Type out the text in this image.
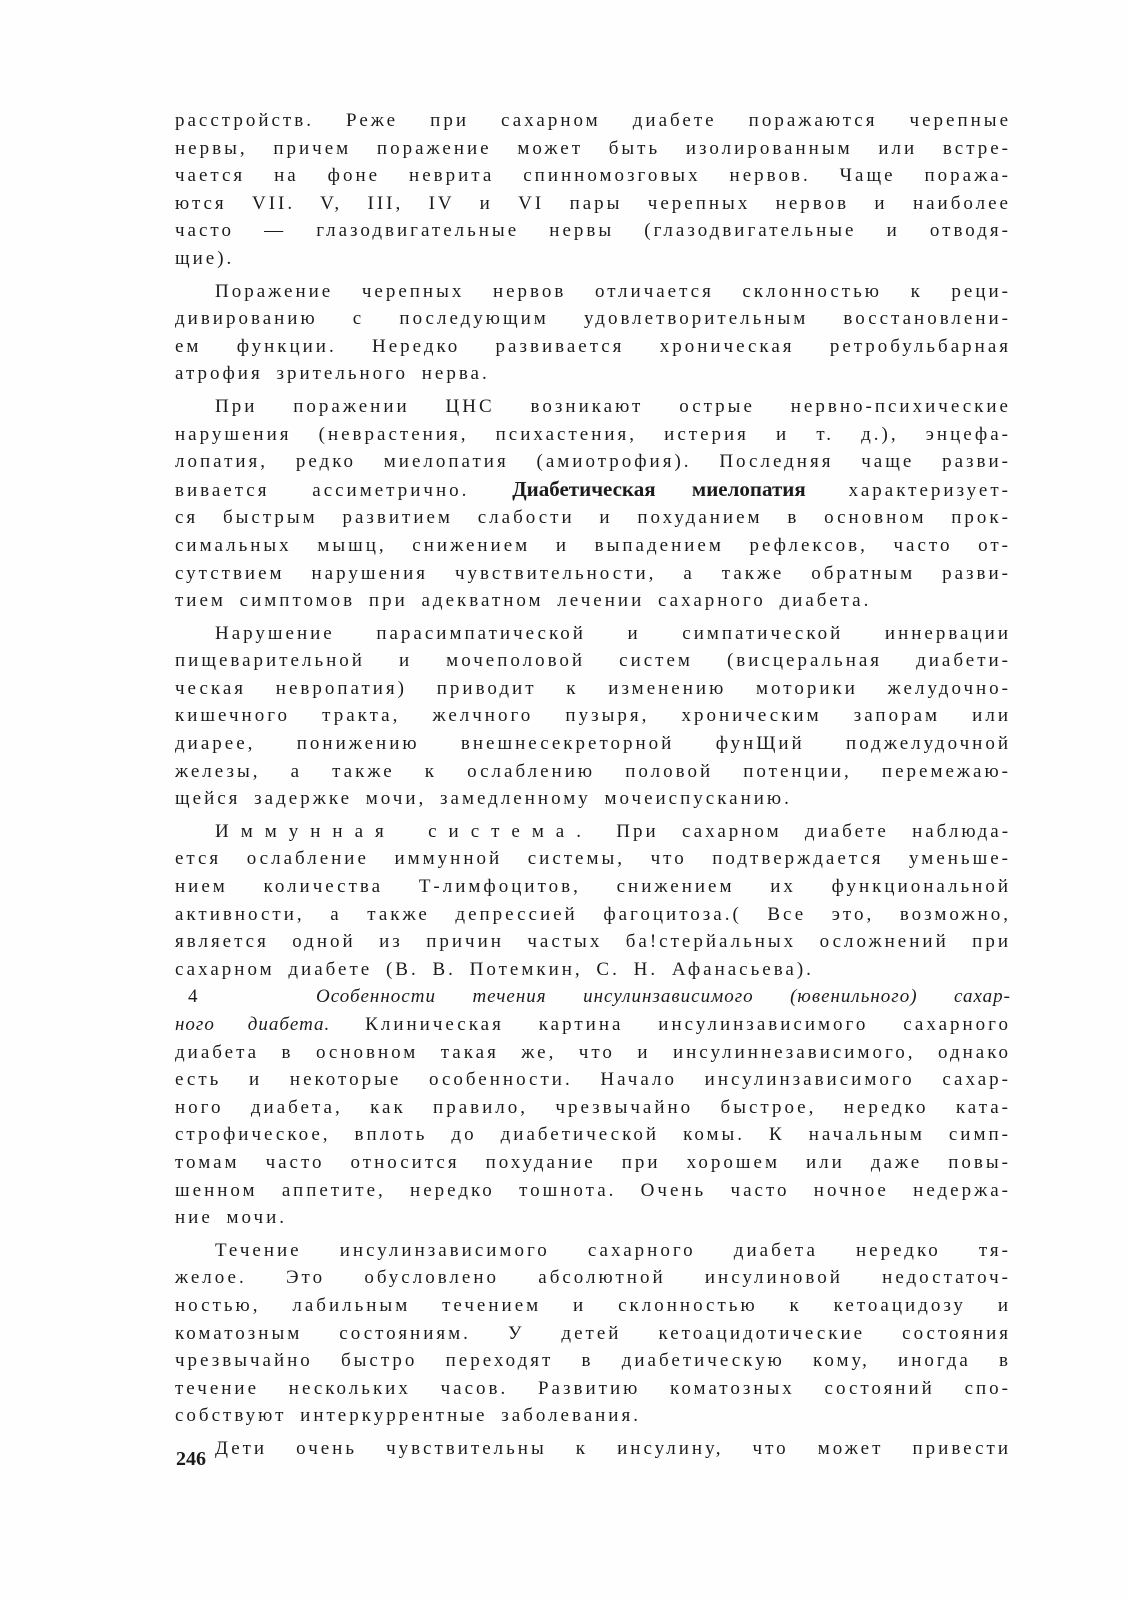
расстройств. Реже при сахарном диабете поражаются черепные
нервы, причем поражение может быть изолированным или встре-
чается на фоне неврита спинномозговых нервов. Чаще поража-
ются VII. V, III, IV и VI пары черепных нервов и наиболее
часто — глазодвигательные нервы (глазодвигательные и отводя-
щие).

Поражение черепных нервов отличается склонностью к реци-
дивированию с последующим удовлетворительным восстановлени-
ем функции. Нередко развивается хроническая ретробульбарная
атрофия зрительного нерва.

При поражении ЦНС возникают острые нервно-психические
нарушения (неврастения, психастения, истерия и т. д.), энцефа-
лопатия, редко миелопатия (амиотрофия). Последняя чаще разви-
вивается ассиметрично. Диабетическая миелопатия характеризует-
ся быстрым развитием слабости и похуданием в основном прок-
симальных мышц, снижением и выпадением рефлексов, часто от-
сутствием нарушения чувствительности, а также обратным разви-
тием симптомов при адекватном лечении сахарного диабета.

Нарушение парасимпатической и симпатической иннервации
пищеварительной и мочеполовой систем (висцеральная диабети-
ческая невропатия) приводит к изменению моторики желудочно-
кишечного тракта, желчного пузыря, хроническим запорам или
диарее, понижению внешнесекреторной фунЩий поджелудочной
железы, а также к ослаблению половой потенции, перемежаю-
щейся задержке мочи, замедленному мочеиспусканию.

Иммунная система. При сахарном диабете наблюда-
ется ослабление иммунной системы, что подтверждается уменьше-
нием количества Т-лимфоцитов, снижением их функциональной
активности, а также депрессией фагоцитоза.( Все это, возможно,
является одной из причин частых ба!стерйальных осложнений при
сахарном диабете (В. В. Потемкин, С. Н. Афанасьева).

4	Особенности течения инсулинзависимого (ювенильного) сахар-
ного диабета. Клиническая картина инсулинзависимого сахарного
диабета в основном такая же, что и инсулиннезависимого, однако
есть и некоторые особенности. Начало инсулинзависимого сахар-
ного диабета, как правило, чрезвычайно быстрое, нередко ката-
строфическое, вплоть до диабетической комы. К начальным симп-
томам часто относится похудание при хорошем или даже повы-
шенном аппетите, нередко тошнота. Очень часто ночное недержа-
ние мочи.

Течение инсулинзависимого сахарного диабета нередко тя-
желое. Это обусловлено абсолютной инсулиновой недостаточ-
ностью, лабильным течением и склонностью к кетоацидозу и
коматозным состояниям. У детей кетоацидотические состояния
чрезвычайно быстро переходят в диабетическую кому, иногда в
течение нескольких часов. Развитию коматозных состояний спо-
собствуют интеркуррентные заболевания.

Дети очень чувствительны к инсулину, что может привести

246
